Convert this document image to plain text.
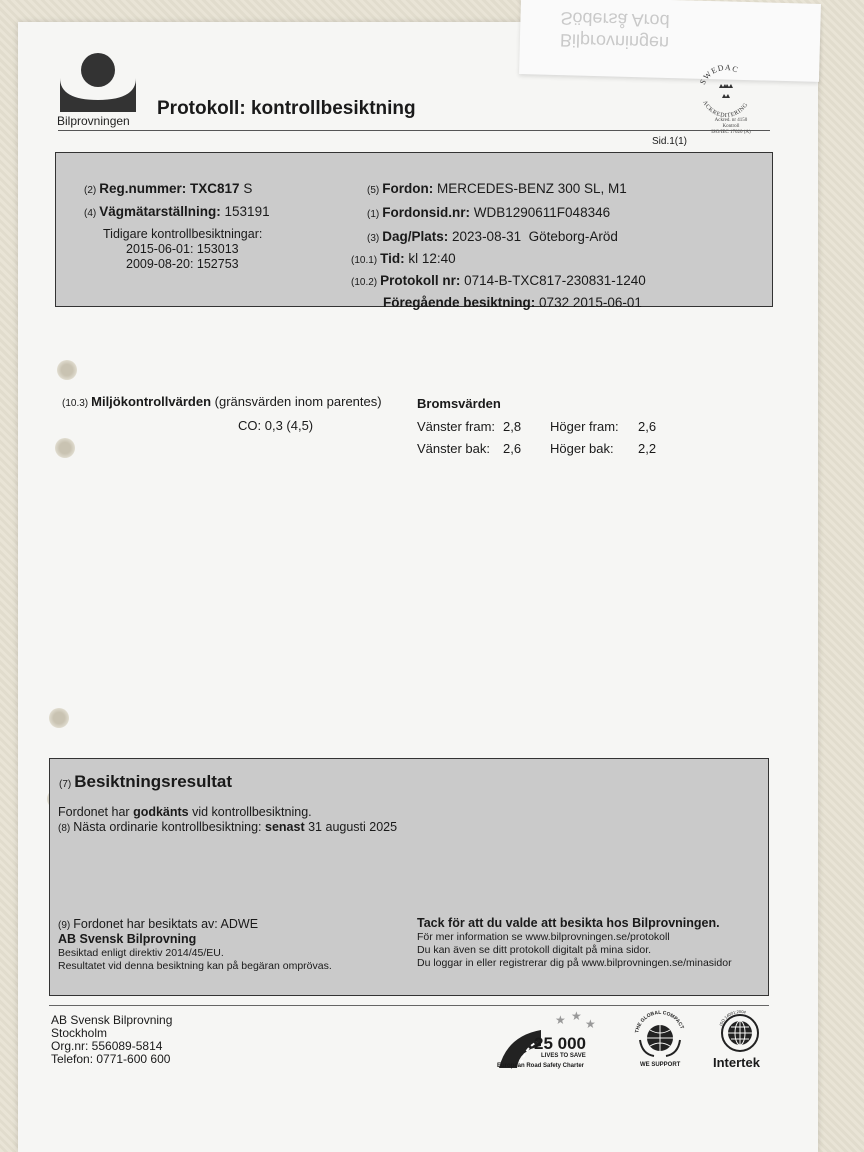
Bilprovningen
Söderså Arod
Bilprovningen
Protokoll: kontrollbesiktning
SWEDAC
ACKREDITERING
Ackred. nr 4150
Kontroll
ISO/IEC 17020 (A)
Sid.1(1)
(2) Reg.nummer: TXC817 S
(4) Vägmätarställning: 153191
Tidigare kontrollbesiktningar:
2015-06-01: 153013
2009-08-20: 152753
(5) Fordon: MERCEDES-BENZ 300 SL, M1
(1) Fordonsid.nr: WDB1290611F048346
(3) Dag/Plats: 2023-08-31  Göteborg-Aröd
(10.1) Tid: kl 12:40
(10.2) Protokoll nr: 0714-B-TXC817-230831-1240
Föregående besiktning: 0732 2015-06-01
(10.3) Miljökontrollvärden (gränsvärden inom parentes)
CO: 0,3 (4,5)
Bromsvärden
Vänster fram: 2,8 Höger fram: 2,6
Vänster bak: 2,6 Höger bak: 2,2
(7) Besiktningsresultat
Fordonet har godkänts vid kontrollbesiktning.
(8) Nästa ordinarie kontrollbesiktning: senast 31 augusti 2025
(9) Fordonet har besiktats av: ADWE
AB Svensk Bilprovning
Besiktad enligt direktiv 2014/45/EU.
Resultatet vid denna besiktning kan på begäran omprövas.
Tack för att du valde att besikta hos Bilprovningen.
För mer information se www.bilprovningen.se/protokoll
Du kan även se ditt protokoll digitalt på mina sidor.
Du loggar in eller registrerar dig på www.bilprovningen.se/minasidor
AB Svensk Bilprovning
Stockholm
Org.nr: 556089-5814
Telefon: 0771-600 600
★ ★
★
25 000
LIVES TO SAVE
European Road Safety Charter
THE GLOBAL COMPACT
WE SUPPORT
ISO 14001:2004
Intertek
